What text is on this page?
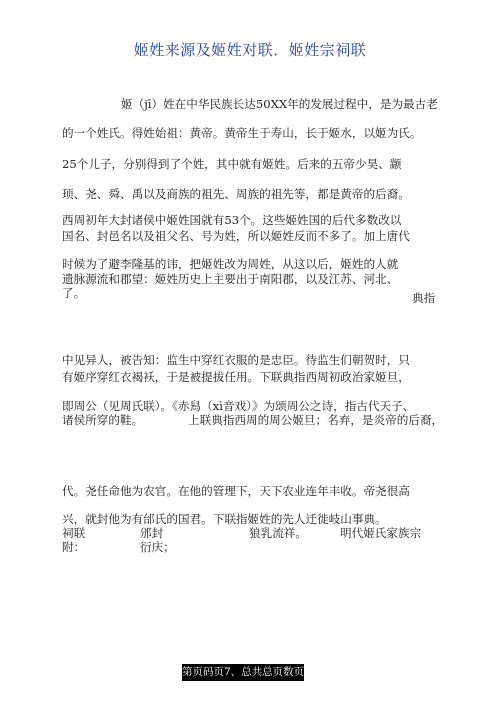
姬姓来源及姬姓对联．姬姓宗祠联
姬（jī）姓在中华民族长达50XX年的发展过程中，是为最古老
的一个姓氏。得姓始祖：黄帝。黄帝生于寿山，长于姬水，以姬为氏。
25个儿子，分别得到了个姓，其中就有姬姓。后来的五帝少昊、颛
顼、尧、舜、禹以及商族的祖先、周族的祖先等，都是黄帝的后裔。
西周初年大封诸侯中姬姓国就有53个。这些姬姓国的后代多数改以
国名、封邑名以及祖父名、号为姓，所以姬姓反而不多了。加上唐代
时候为了避李隆基的讳，把姬姓改为周姓，从这以后，姬姓的人就
遗脉源流和郡望：姬姓历史上主要出于南阳郡，以及江苏、河北、
了。	典指
中见异人，被告知：监生中穿红衣服的是忠臣。待监生们朝贺时，只
有姬序穿红衣褐袄，于是被提拔任用。下联典指西周初政治家姬旦，
即周公（见周氏联）。《赤舄（xì音戏）》为颂周公之诗，指古代天子、
诸侯所穿的鞋。	上联典指西周的周公姬旦；名弃，是炎帝的后裔，
代。尧任命他为农官。在他的管理下，天下农业连年丰收。帝尧很高
兴，就封他为有邰氏的国君。下联指姬姓的先人迁徙岐山事典。
祠联
附：
邠封	狼乳流祥。	明代姬氏家族宗
衍庆；
第页码页7、总共总页数页
